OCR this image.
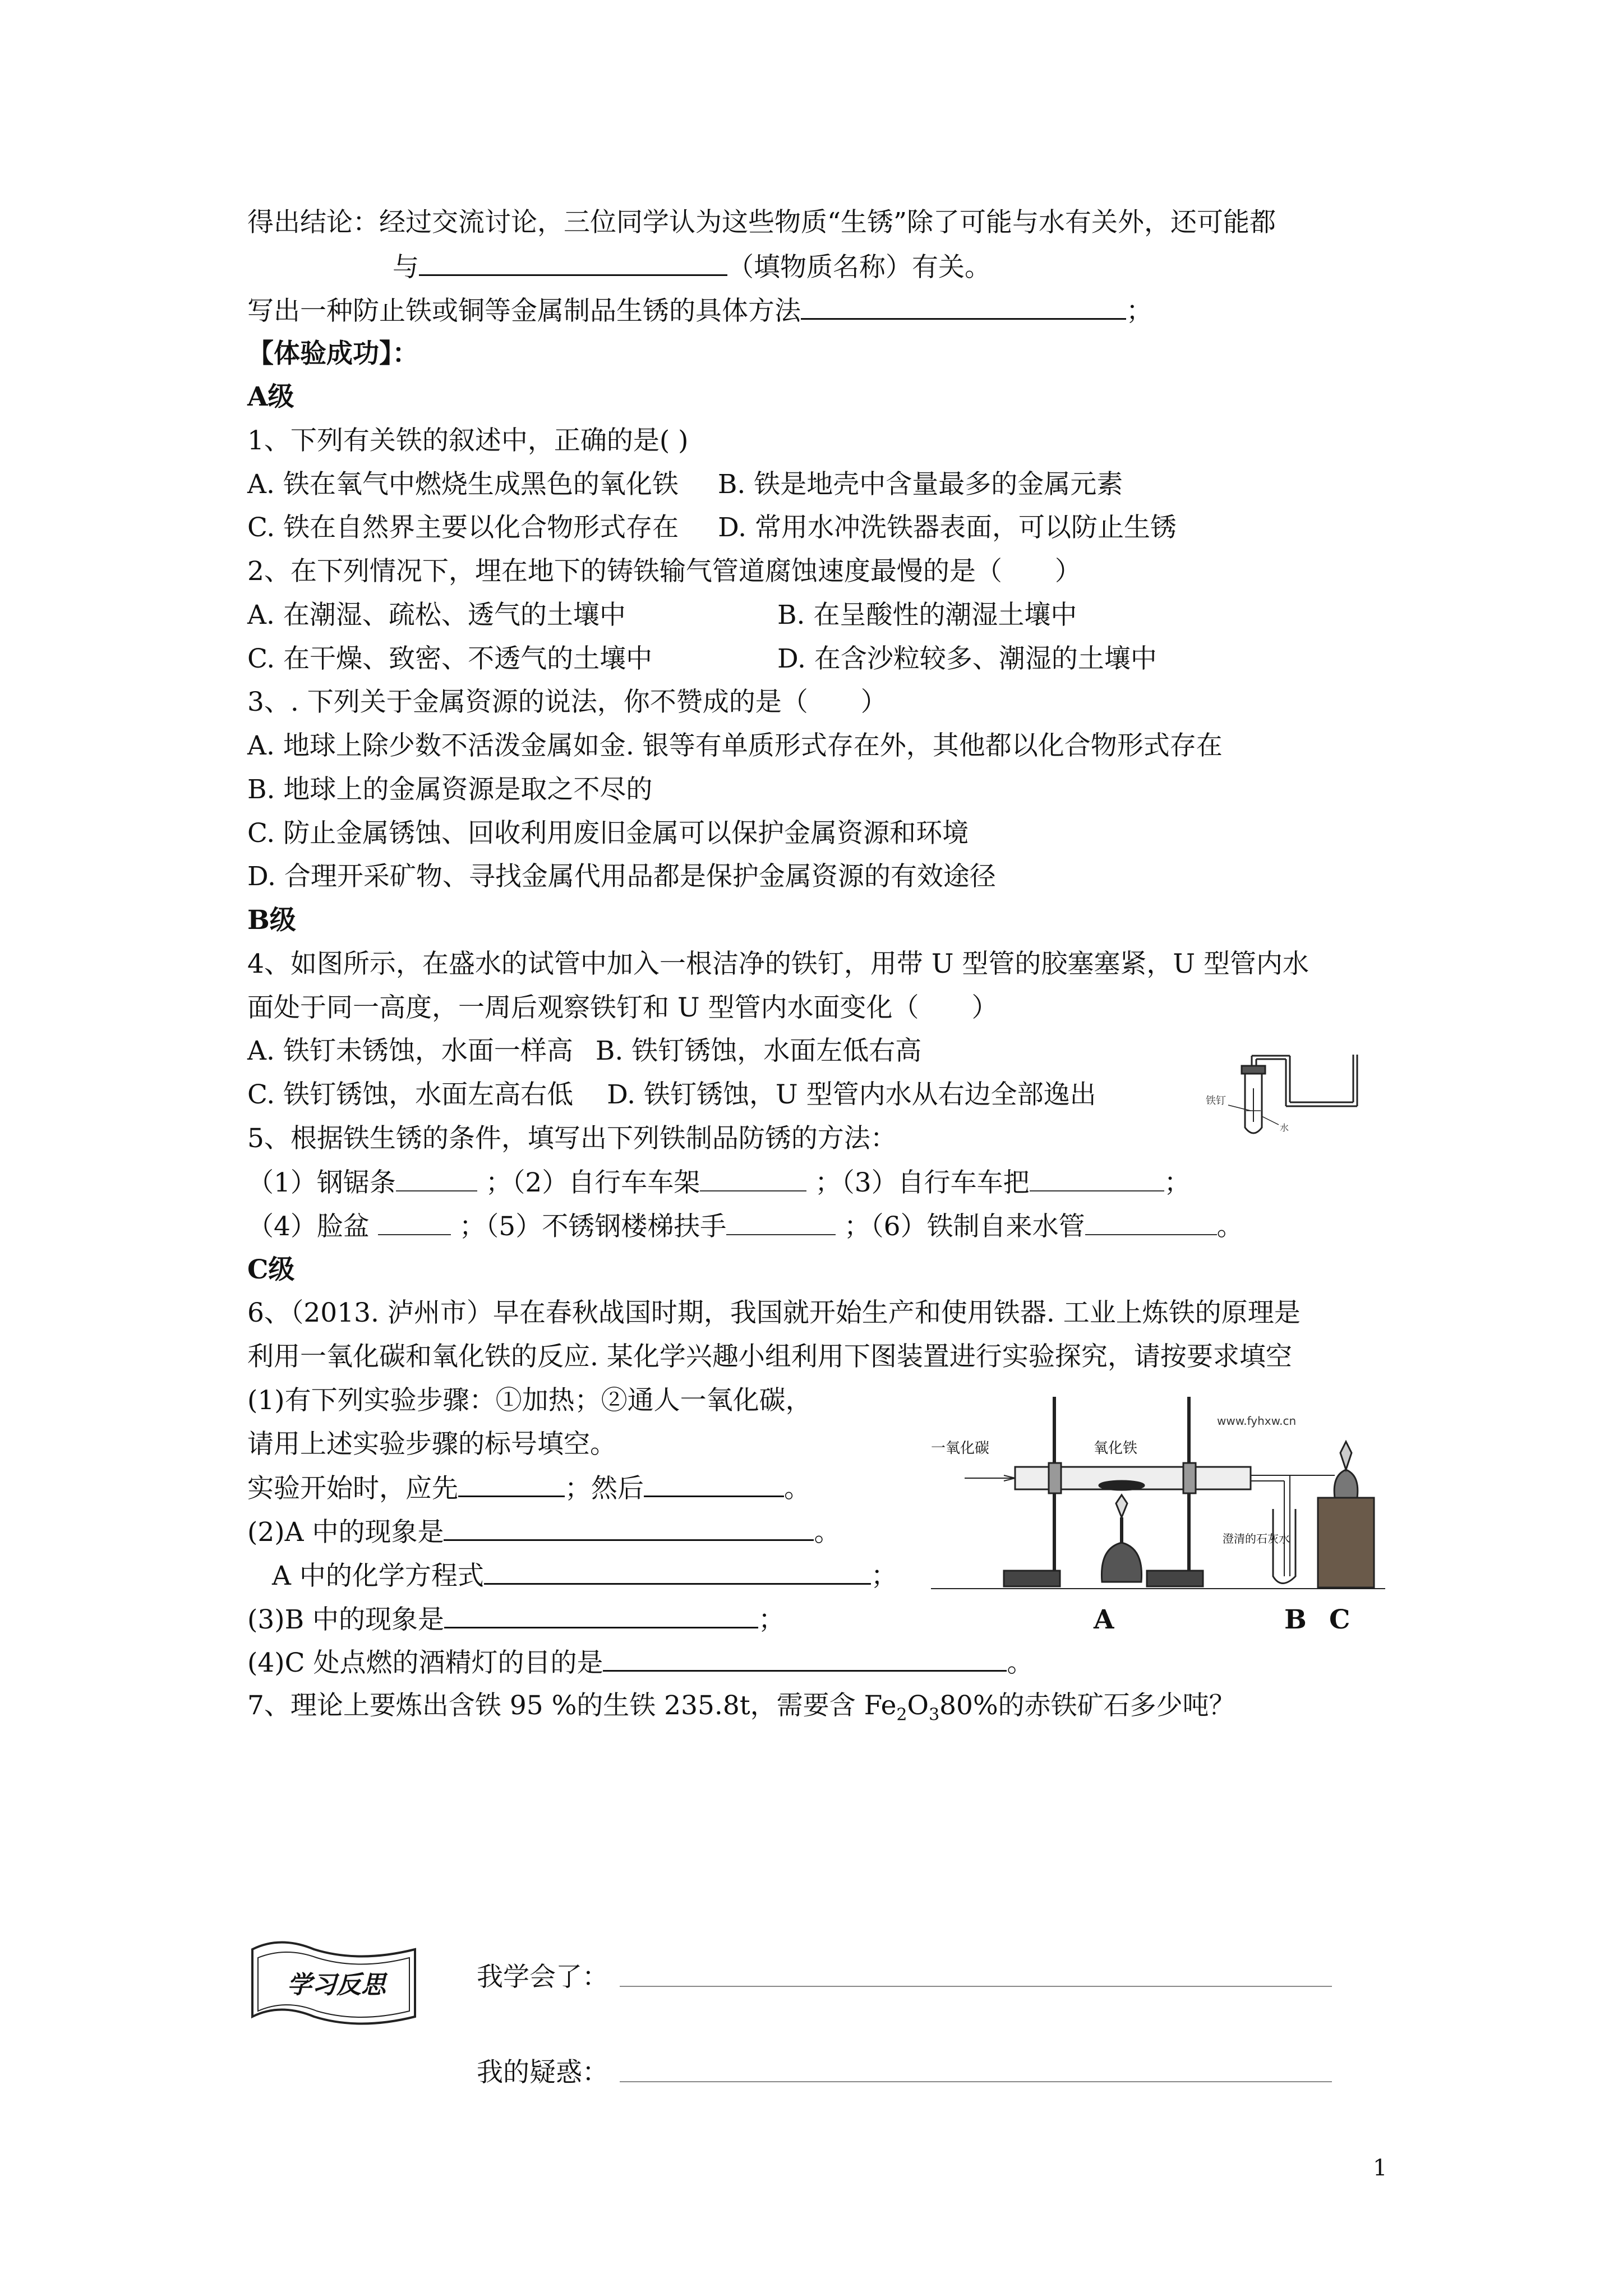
得出结论：经过交流讨论，三位同学认为这些物质“生锈”除了可能与水有关外，还可能都
与	（填物质名称）有关。
写出一种防止铁或铜等金属制品生锈的具体方法	；
【体验成功】：
A级
1、下列有关铁的叙述中，正确的是( )
A. 铁在氧气中燃烧生成黑色的氧化铁 B. 铁是地壳中含量最多的金属元素
C. 铁在自然界主要以化合物形式存在 D. 常用水冲洗铁器表面，可以防止生锈
2、在下列情况下，埋在地下的铸铁输气管道腐蚀速度最慢的是（　　）
A. 在潮湿、疏松、透气的土壤中	B. 在呈酸性的潮湿土壤中
C. 在干燥、致密、不透气的土壤中	D. 在含沙粒较多、潮湿的土壤中
3、. 下列关于金属资源的说法，你不赞成的是（　　）
A. 地球上除少数不活泼金属如金. 银等有单质形式存在外，其他都以化合物形式存在
B. 地球上的金属资源是取之不尽的
C. 防止金属锈蚀、回收利用废旧金属可以保护金属资源和环境
D. 合理开采矿物、寻找金属代用品都是保护金属资源的有效途径
B级
4、如图所示，在盛水的试管中加入一根洁净的铁钉，用带 U 型管的胶塞塞紧，U 型管内水
面处于同一高度，一周后观察铁钉和 U 型管内水面变化（　　）
A. 铁钉未锈蚀，水面一样高 B. 铁钉锈蚀，水面左低右高
C. 铁钉锈蚀，水面左高右低 D. 铁钉锈蚀，U 型管内水从右边全部逸出	铁钉
水
5、根据铁生锈的条件，填写出下列铁制品防锈的方法：
（1）钢锯条	；（2）自行车车架	；（3）自行车车把	；
（4）脸盆	；（5）不锈钢楼梯扶手	；（6）铁制自来水管	。
C级
6、（2013. 泸州市）早在春秋战国时期，我国就开始生产和使用铁器. 工业上炼铁的原理是
利用一氧化碳和氧化铁的反应. 某化学兴趣小组利用下图装置进行实验探究，请按要求填空
(1)有下列实验步骤：①加热；②通人一氧化碳，
请用上述实验步骤的标号填空。
实验开始时，应先	；然后	。
(2)A 中的现象是	。
A 中的化学方程式	；
(3)B 中的现象是	；
(4)C 处点燃的酒精灯的目的是	。
一氧化碳	氧化铁
www.fyhxw.cn
澄清的石灰水
A	B C
7、理论上要炼出含铁 95 %的生铁 235.8t，需要含 $Fe_2O_380\%$的赤铁矿石多少吨？
学习反思	我学会了：
我的疑惑：
1
